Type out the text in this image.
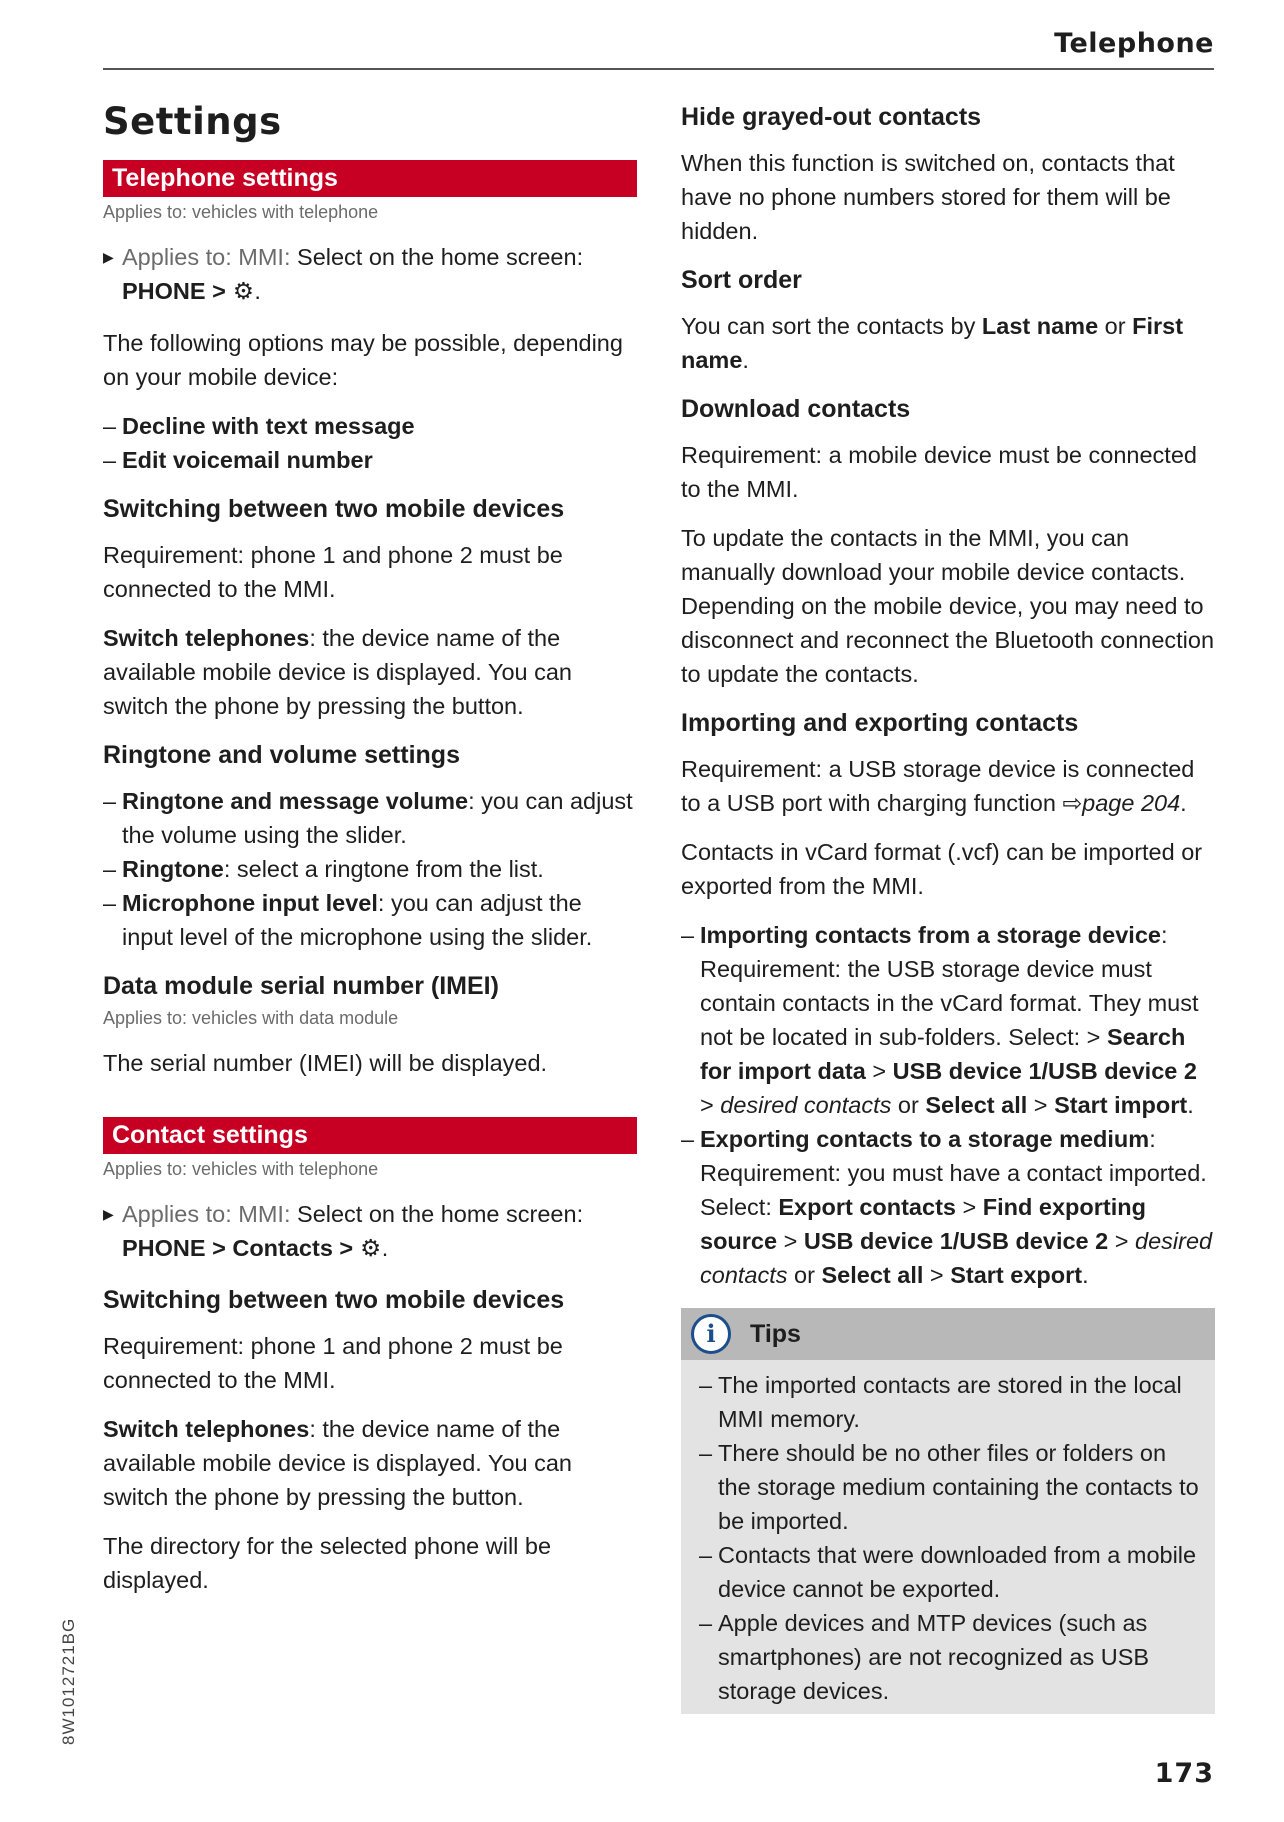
Telephone
Settings
Telephone settings
Applies to: vehicles with telephone
▶ Applies to: MMI: Select on the home screen:
PHONE > ⚙.

The following options may be possible, depending on your mobile device:

– Decline with text message
– Edit voicemail number
Switching between two mobile devices

Requirement: phone 1 and phone 2 must be connected to the MMI.

Switch telephones: the device name of the available mobile device is displayed. You can switch the phone by pressing the button.

Ringtone and volume settings
– Ringtone and message volume: you can adjust the volume using the slider.
– Ringtone: select a ringtone from the list.
– Microphone input level: you can adjust the input level of the microphone using the slider.
Data module serial number (IMEI)
Applies to: vehicles with data module

The serial number (IMEI) will be displayed.

Contact settings
Applies to: vehicles with telephone
▶ Applies to: MMI: Select on the home screen:
PHONE > Contacts > ⚙.
Switching between two mobile devices

Requirement: phone 1 and phone 2 must be connected to the MMI.

Switch telephones: the device name of the available mobile device is displayed. You can switch the phone by pressing the button.

The directory for the selected phone will be displayed.

Hide grayed-out contacts

When this function is switched on, contacts that have no phone numbers stored for them will be hidden.

Sort order

You can sort the contacts by Last name or First name.

Download contacts

Requirement: a mobile device must be connected to the MMI.

To update the contacts in the MMI, you can manually download your mobile device contacts. Depending on the mobile device, you may need to disconnect and reconnect the Bluetooth connection to update the contacts.

Importing and exporting contacts

Requirement: a USB storage device is connected to a USB port with charging function ⇨page 204.

Contacts in vCard format (.vcf) can be imported or exported from the MMI.

– Importing contacts from a storage device: Requirement: the USB storage device must contain contacts in the vCard format. They must not be located in sub-folders. Select: > Search for import data > USB device 1/USB device 2 > desired contacts or Select all > Start import.
– Exporting contacts to a storage medium: Requirement: you must have a contact imported. Select: Export contacts > Find exporting source > USB device 1/USB device 2 > desired contacts or Select all > Start export.
i	Tips
– The imported contacts are stored in the local MMI memory.
– There should be no other files or folders on the storage medium containing the contacts to be imported.
– Contacts that were downloaded from a mobile device cannot be exported.
– Apple devices and MTP devices (such as smartphones) are not recognized as USB storage devices.
8W1012721BG
173
